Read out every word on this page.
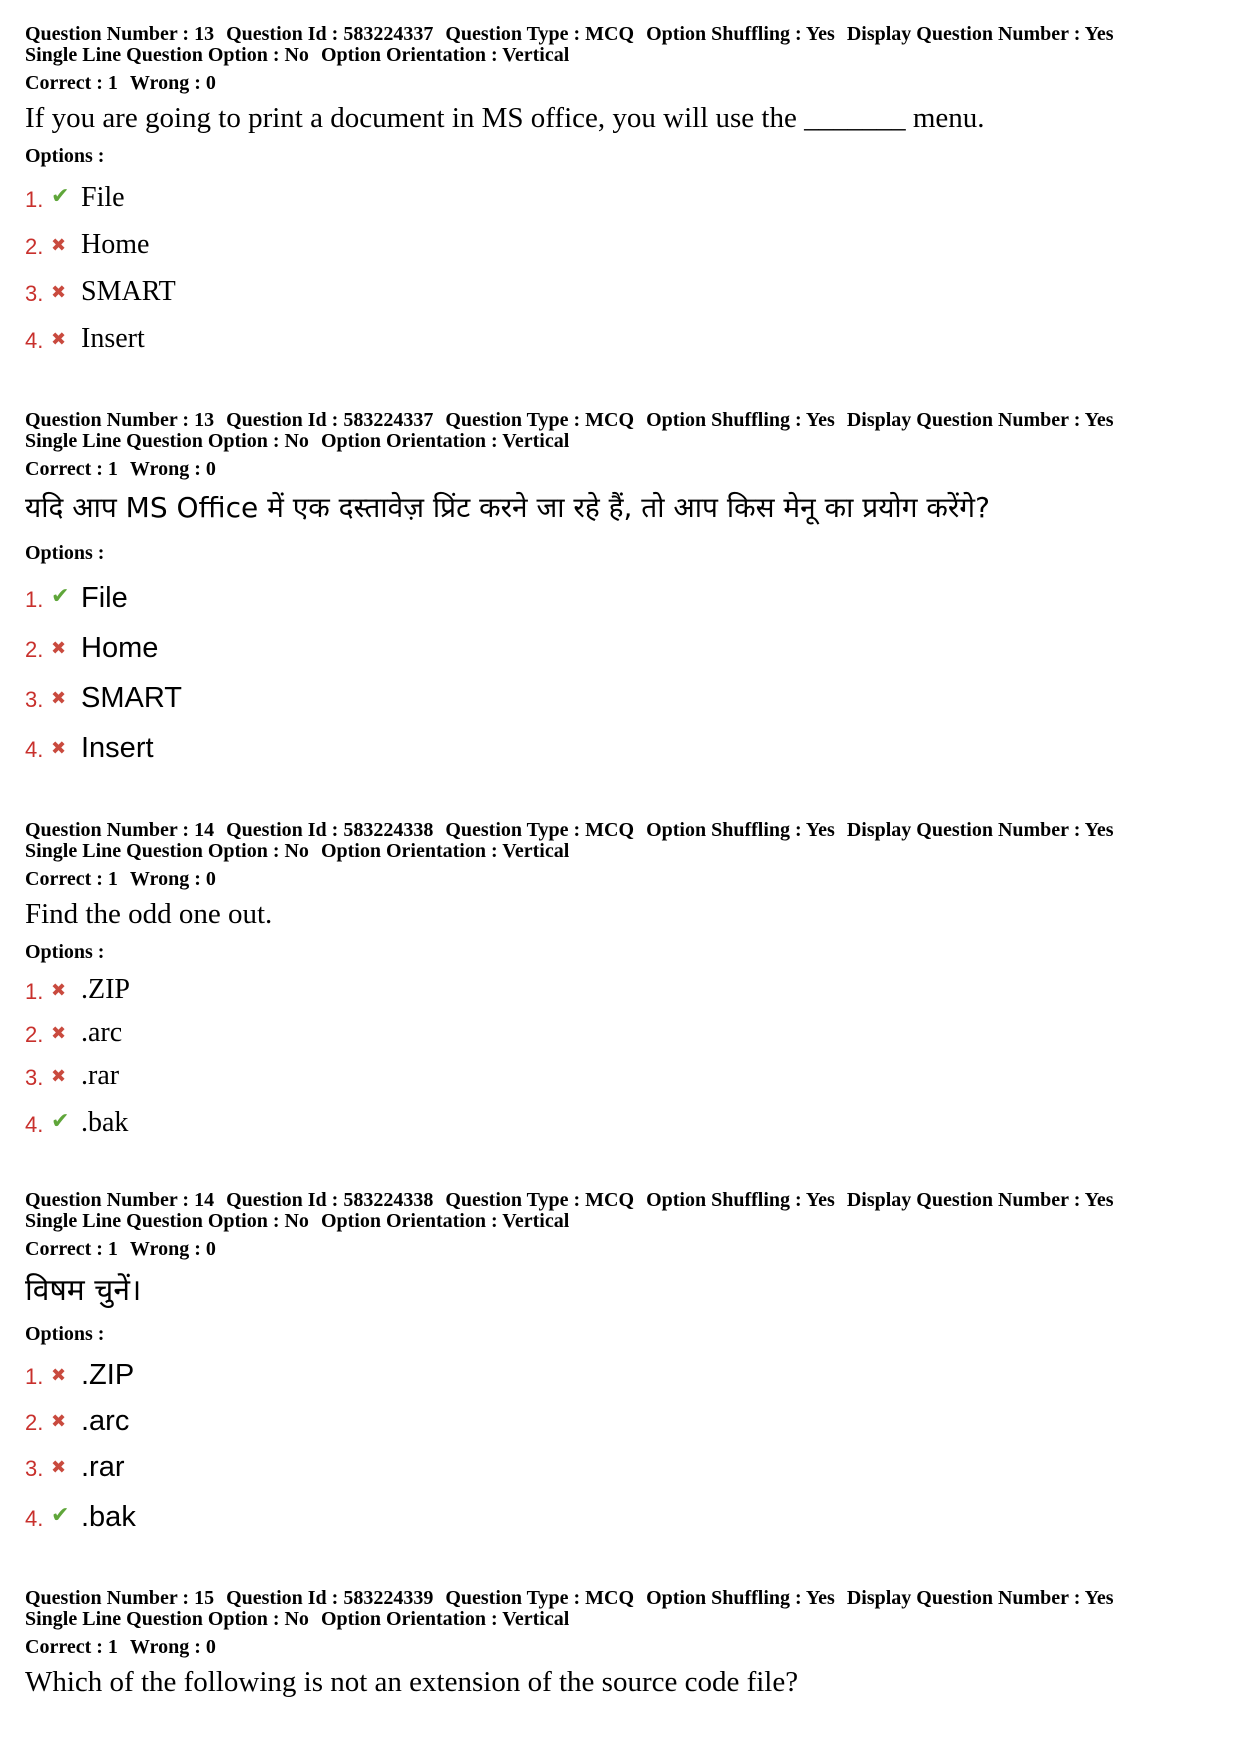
Question Number : 13 Question Id : 583224337 Question Type : MCQ Option Shuffling : Yes Display Question Number : Yes
Single Line Question Option : No Option Orientation : Vertical
Correct : 1 Wrong : 0
If you are going to print a document in MS office, you will use the _______ menu.
Options :
1. ✔ File
2. ✖ Home
3. ✖ SMART
4. ✖ Insert
Question Number : 13 Question Id : 583224337 Question Type : MCQ Option Shuffling : Yes Display Question Number : Yes
Single Line Question Option : No Option Orientation : Vertical
Correct : 1 Wrong : 0
यदि आप MS Office में एक दस्तावेज़ प्रिंट करने जा रहे हैं, तो आप किस मेनू का प्रयोग करेंगे?
Options :
1. ✔ File
2. ✖ Home
3. ✖ SMART
4. ✖ Insert
Question Number : 14 Question Id : 583224338 Question Type : MCQ Option Shuffling : Yes Display Question Number : Yes
Single Line Question Option : No Option Orientation : Vertical
Correct : 1 Wrong : 0
Find the odd one out.
Options :
1. ✖ .ZIP
2. ✖ .arc
3. ✖ .rar
4. ✔ .bak
Question Number : 14 Question Id : 583224338 Question Type : MCQ Option Shuffling : Yes Display Question Number : Yes
Single Line Question Option : No Option Orientation : Vertical
Correct : 1 Wrong : 0
विषम चुनें।
Options :
1. ✖ .ZIP
2. ✖ .arc
3. ✖ .rar
4. ✔ .bak
Question Number : 15 Question Id : 583224339 Question Type : MCQ Option Shuffling : Yes Display Question Number : Yes
Single Line Question Option : No Option Orientation : Vertical
Correct : 1 Wrong : 0
Which of the following is not an extension of the source code file?
